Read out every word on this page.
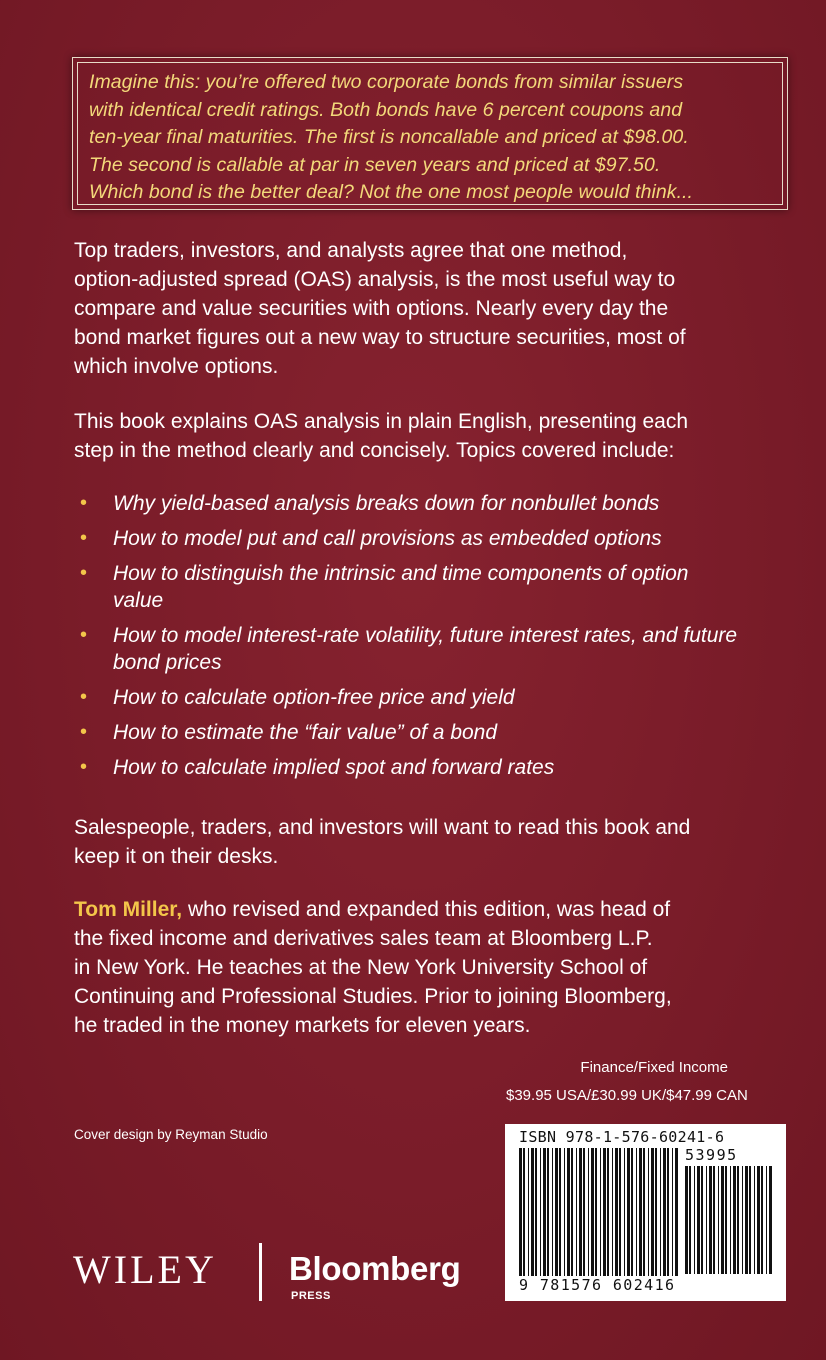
Imagine this: you’re offered two corporate bonds from similar issuers
with identical credit ratings. Both bonds have 6 percent coupons and
ten-year final maturities. The first is noncallable and priced at $98.00.
The second is callable at par in seven years and priced at $97.50.
Which bond is the better deal? Not the one most people would think...

Top traders, investors, and analysts agree that one method,
option-adjusted spread (OAS) analysis, is the most useful way to
compare and value securities with options. Nearly every day the
bond market figures out a new way to structure securities, most of
which involve options.

This book explains OAS analysis in plain English, presenting each
step in the method clearly and concisely. Topics covered include:

• Why yield-based analysis breaks down for nonbullet bonds
• How to model put and call provisions as embedded options
• How to distinguish the intrinsic and time components of option value
• How to model interest-rate volatility, future interest rates, and future bond prices
• How to calculate option-free price and yield
• How to estimate the “fair value” of a bond
• How to calculate implied spot and forward rates

Salespeople, traders, and investors will want to read this book and
keep it on their desks.

Tom Miller, who revised and expanded this edition, was head of
the fixed income and derivatives sales team at Bloomberg L.P.
in New York. He teaches at the New York University School of
Continuing and Professional Studies. Prior to joining Bloomberg,
he traded in the money markets for eleven years.

Finance/Fixed Income
$39.95 USA/£30.99 UK/$47.99 CAN
Cover design by Reyman Studio	ISBN 978-1-576-60241-6
53995
9 781576 602416
WILEY Bloomberg
PRESS
